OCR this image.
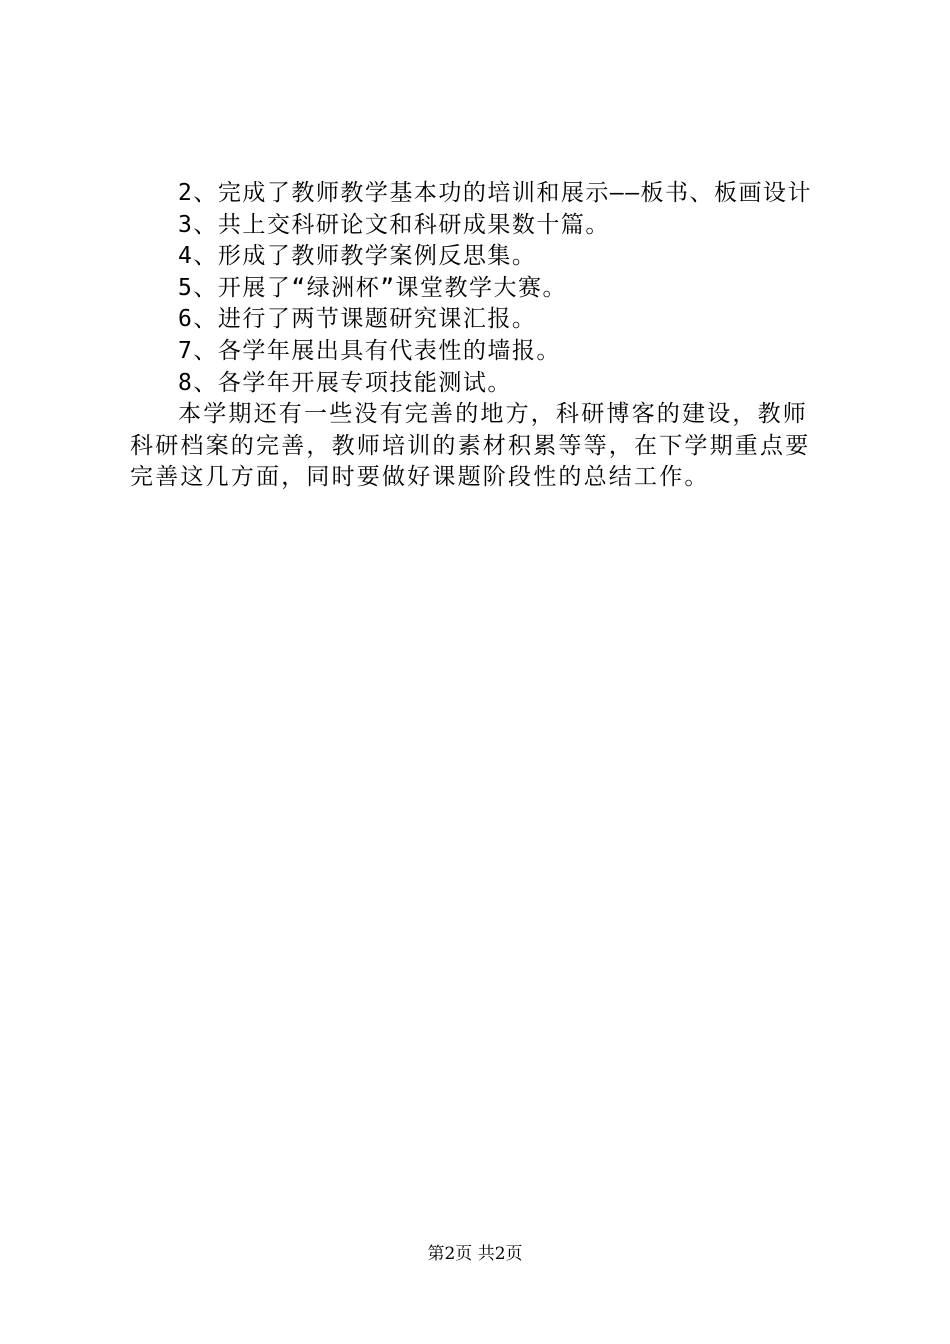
2、完成了教师教学基本功的培训和展示——板书、板画设计

3、共上交科研论文和科研成果数十篇。

4、形成了教师教学案例反思集。

5、开展了“绿洲杯”课堂教学大赛。

6、进行了两节课题研究课汇报。

7、各学年展出具有代表性的墙报。

8、各学年开展专项技能测试。

本学期还有一些没有完善的地方，科研博客的建设，教师科研档案的完善，教师培训的素材积累等等，在下学期重点要完善这几方面，同时要做好课题阶段性的总结工作。

第2页 共2页
